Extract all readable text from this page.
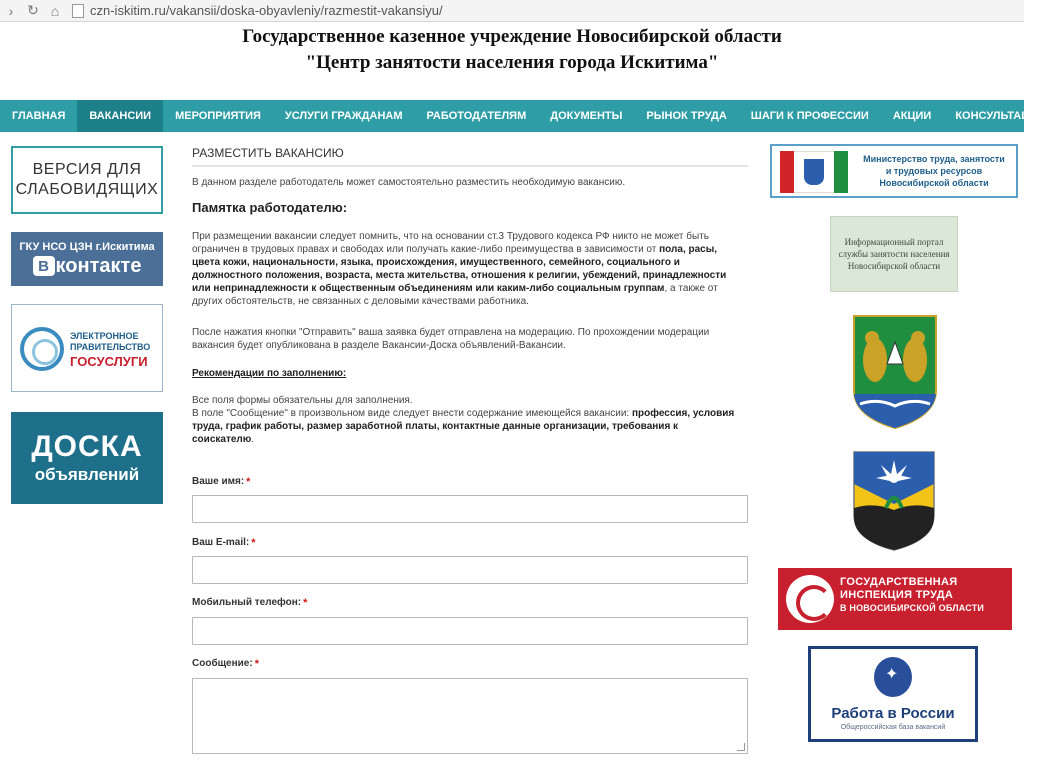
› ↻ ⌂	czn-iskitim.ru/vakansii/doska-obyavleniy/razmestit-vakansiyu/
Государственное казенное учреждение Новосибирской области
"Центр занятости населения города Искитима"
ГЛАВНАЯ	ВАКАНСИИ	МЕРОПРИЯТИЯ	УСЛУГИ ГРАЖДАНАМ	РАБОТОДАТЕЛЯМ	ДОКУМЕНТЫ	РЫНОК ТРУДА	ШАГИ К ПРОФЕССИИ	АКЦИИ	КОНСУЛЬТАЦИИ
ВЕРСИЯ ДЛЯ
СЛАБОВИДЯЩИХ
ГКУ НСО ЦЗН г.Искитима
В контакте
ЭЛЕКТРОННОЕ
ПРАВИТЕЛЬСТВО
ГОСУСЛУГИ
ДОСКА
объявлений
РАЗМЕСТИТЬ ВАКАНСИЮ
В данном разделе работодатель может самостоятельно разместить необходимую вакансию.
Памятка работодателю:
При размещении вакансии следует помнить, что на основании ст.3 Трудового кодекса РФ никто не может быть ограничен в трудовых правах и свободах или получать какие-либо преимущества в зависимости от пола, расы, цвета кожи, национальности, языка, происхождения, имущественного, семейного, социального и должностного положения, возраста, места жительства, отношения к религии, убеждений, принадлежности или непринадлежности к общественным объединениям или каким-либо социальным группам, а также от других обстоятельств, не связанных с деловыми качествами работника.
После нажатия кнопки "Отправить" ваша заявка будет отправлена на модерацию. По прохождении модерации вакансия будет опубликована в разделе Вакансии-Доска объявлений-Вакансии.
Рекомендации по заполнению:
Все поля формы обязательны для заполнения.
В поле "Сообщение" в произвольном виде следует внести содержание имеющейся вакансии: профессия, условия труда, график работы, размер заработной платы, контактные данные организации, требования к соискателю.
Ваше имя: *
Ваш E-mail: *
Мобильный телефон: *
Сообщение: *
Министерство труда, занятости
и трудовых ресурсов
Новосибирской области
Информационный портал
службы занятости населения
Новосибирской области
ГОСУДАРСТВЕННАЯ
ИНСПЕКЦИЯ ТРУДА
В НОВОСИБИРСКОЙ ОБЛАСТИ
✦
Работа в России
Общероссийская база вакансий
